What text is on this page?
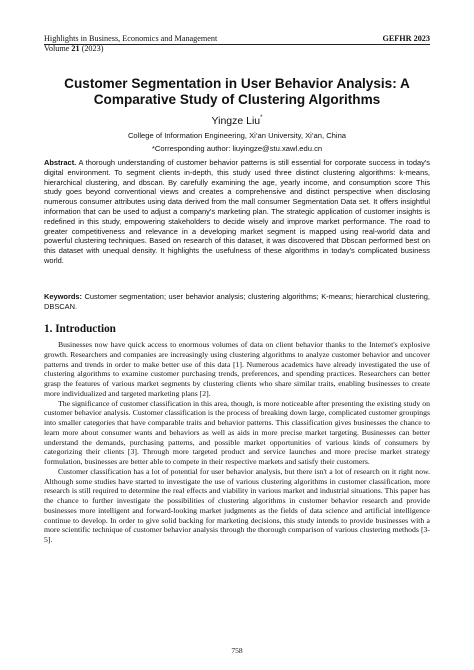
Highlights in Business, Economics and Management	GEFHR 2023
Volume 21 (2023)
Customer Segmentation in User Behavior Analysis: A Comparative Study of Clustering Algorithms
Yingze Liu*
College of Information Engineering, Xi’an University, Xi’an, China
*Corresponding author: liuyingze@stu.xawl.edu.cn
Abstract. A thorough understanding of customer behavior patterns is still essential for corporate success in today's digital environment. To segment clients in-depth, this study used three distinct clustering algorithms: k-means, hierarchical clustering, and dbscan. By carefully examining the age, yearly income, and consumption score This study goes beyond conventional views and creates a comprehensive and distinct perspective when disclosing numerous consumer attributes using data derived from the mall consumer Segmentation Data set. It offers insightful information that can be used to adjust a company's marketing plan. The strategic application of customer insights is redefined in this study, empowering stakeholders to decide wisely and improve market performance. The road to greater competitiveness and relevance in a developing market segment is mapped using real-world data and powerful clustering techniques. Based on research of this dataset, it was discovered that Dbscan performed best on this dataset with unequal density. It highlights the usefulness of these algorithms in today's complicated business world.
Keywords: Customer segmentation; user behavior analysis; clustering algorithms; K-means; hierarchical clustering, DBSCAN.
1. Introduction

Businesses now have quick access to enormous volumes of data on client behavior thanks to the Internet's explosive growth. Researchers and companies are increasingly using clustering algorithms to analyze customer behavior and uncover patterns and trends in order to make better use of this data [1]. Numerous academics have already investigated the use of clustering algorithms to examine customer purchasing trends, preferences, and spending practices. Researchers can better grasp the features of various market segments by clustering clients who share similar traits, enabling businesses to create more individualized and targeted marketing plans [2].

The significance of customer classification in this area, though, is more noticeable after presenting the existing study on customer behavior analysis. Customer classification is the process of breaking down large, complicated customer groupings into smaller categories that have comparable traits and behavior patterns. This classification gives businesses the chance to learn more about consumer wants and behaviors as well as aids in more precise market targeting. Businesses can better understand the demands, purchasing patterns, and possible market opportunities of various kinds of consumers by categorizing their clients [3]. Through more targeted product and service launches and more precise market strategy formulation, businesses are better able to compete in their respective markets and satisfy their customers.

Customer classification has a lot of potential for user behavior analysis, but there isn't a lot of research on it right now. Although some studies have started to investigate the use of various clustering algorithms in customer classification, more research is still required to determine the real effects and viability in various market and industrial situations. This paper has the chance to further investigate the possibilities of clustering algorithms in customer behavior research and provide businesses more intelligent and forward-looking market judgments as the fields of data science and artificial intelligence continue to develop. In order to give solid backing for marketing decisions, this study intends to provide businesses with a more scientific technique of customer behavior analysis through the thorough comparison of various clustering methods [3-5].

758
